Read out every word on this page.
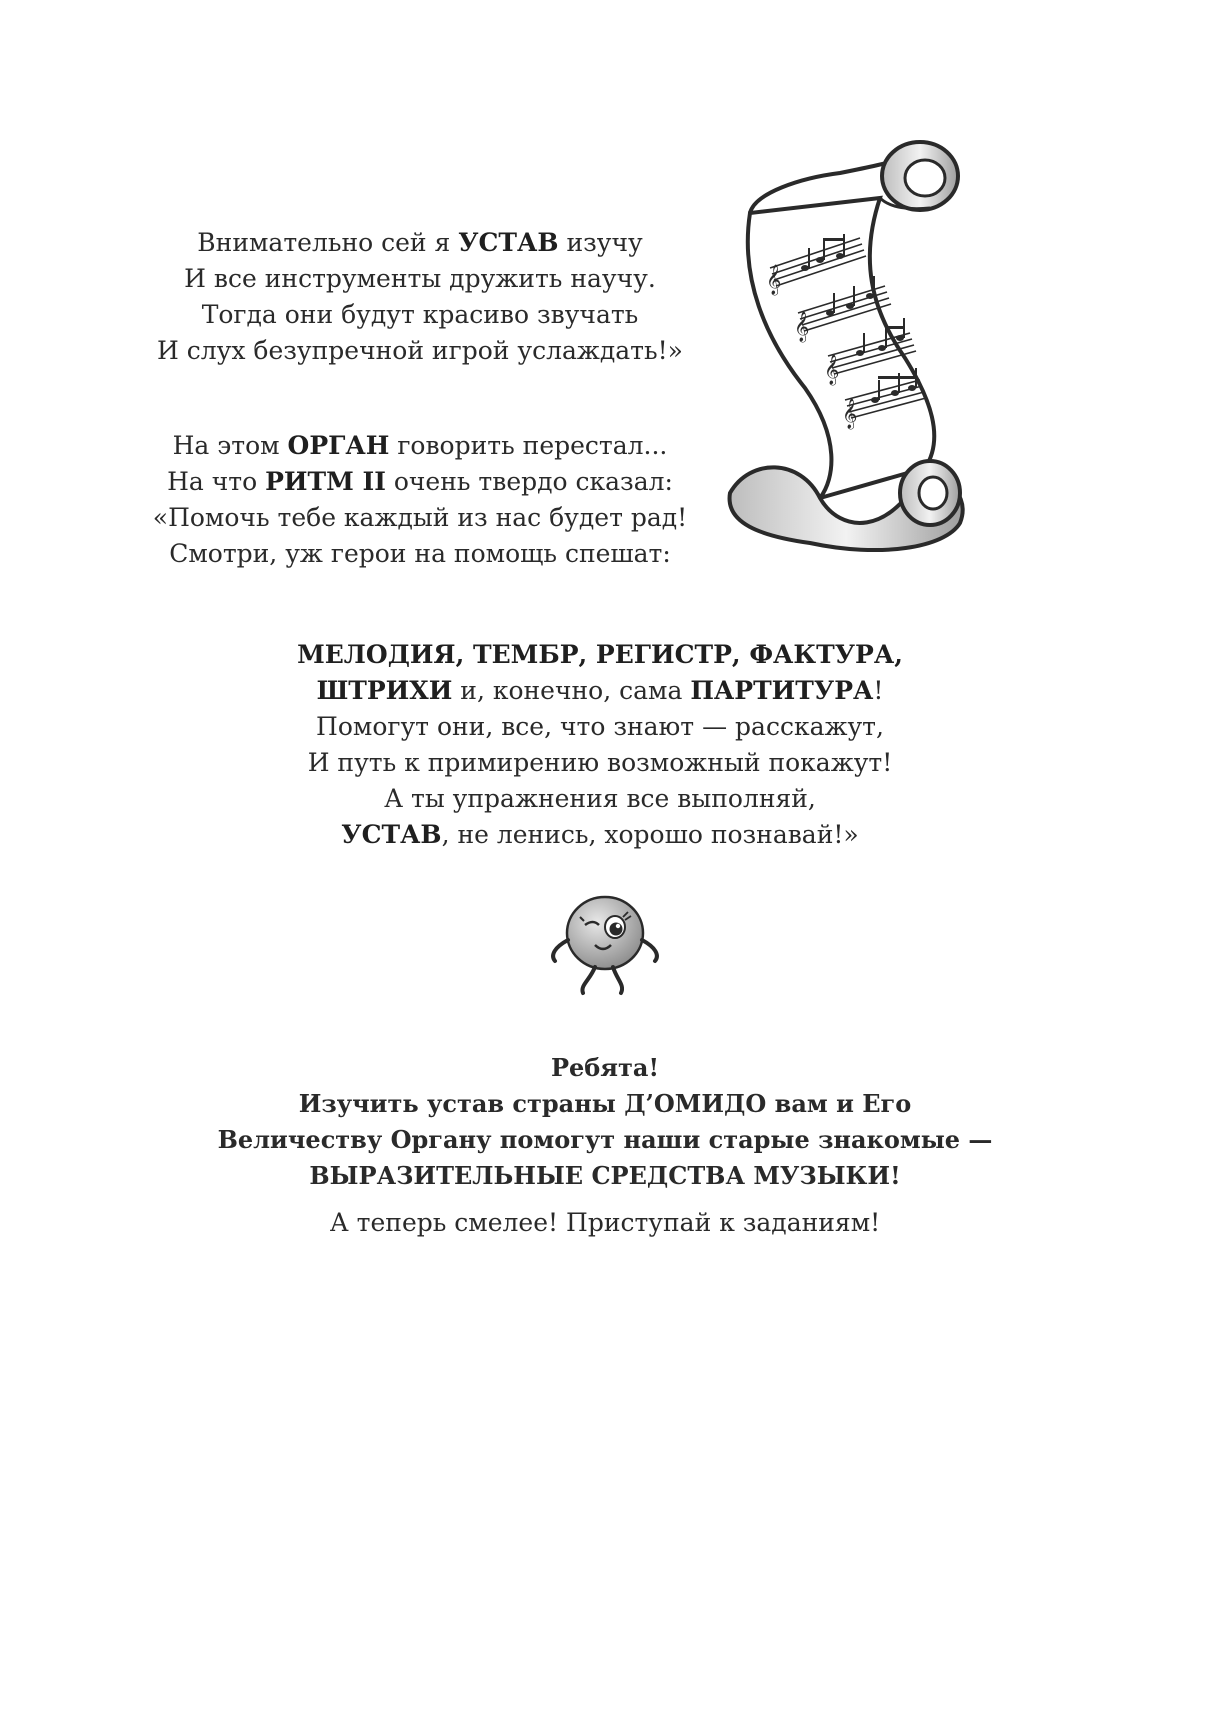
Внимательно сей я УСТАВ изучу
И все инструменты дружить научу.
Тогда они будут красиво звучать
И слух безупречной игрой услаждать!»
На этом ОРГАН говорить перестал...
На что РИТМ II очень твердо сказал:
«Помочь тебе каждый из нас будет рад!
Смотри, уж герои на помощь спешат:
МЕЛОДИЯ, ТЕМБР, РЕГИСТР, ФАКТУРА,
ШТРИХИ и, конечно, сама ПАРТИТУРА!
Помогут они, все, что знают — расскажут,
И путь к примирению возможный покажут!
А ты упражнения все выполняй,
УСТАВ, не ленись, хорошо познавай!»
Ребята!
Изучить устав страны Д’ОМИДО вам и Его
Величеству Органу помогут наши старые знакомые —
ВЫРАЗИТЕЛЬНЫЕ СРЕДСТВА МУЗЫКИ!
А теперь смелее! Приступай к заданиям!
𝄞
𝄞
𝄞
𝄞
